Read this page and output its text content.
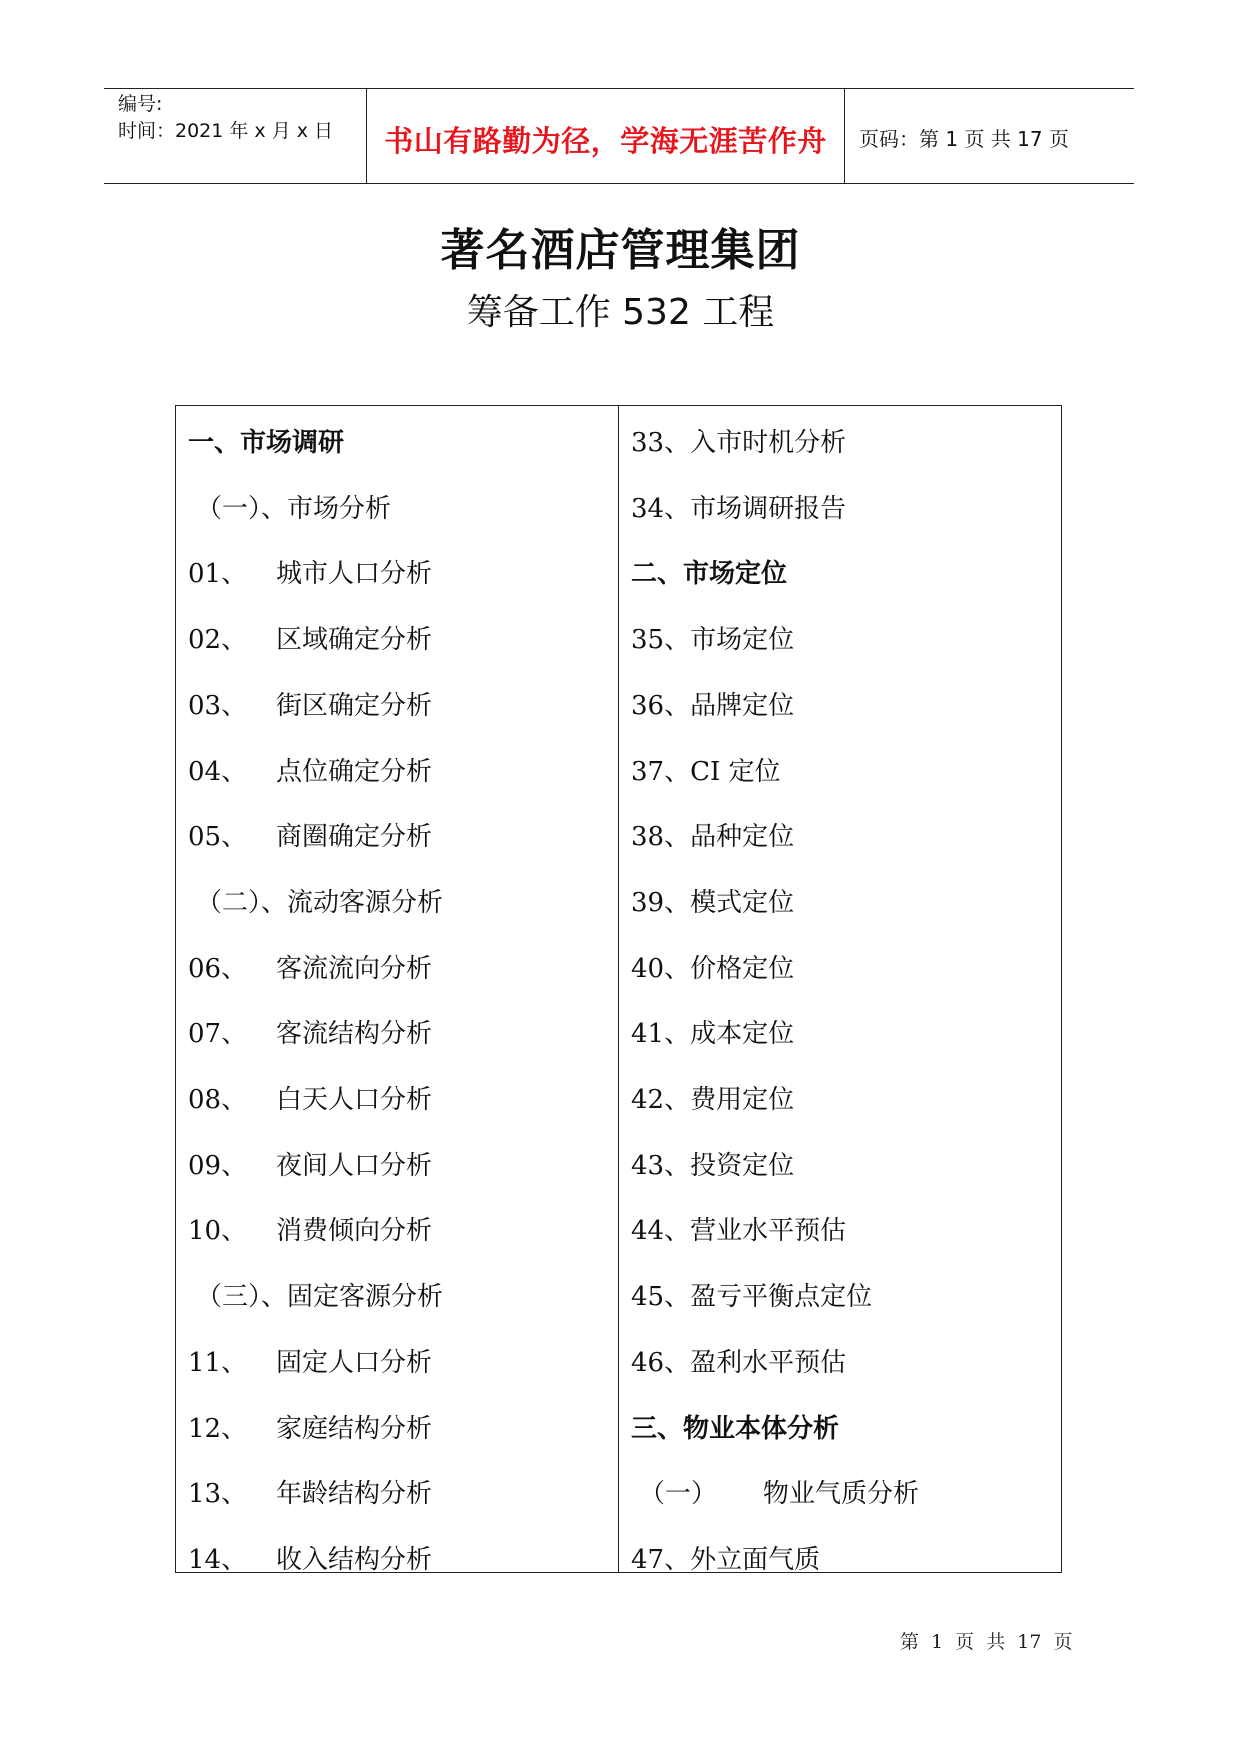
编号:
时间：2021 年 x 月 x 日	书山有路勤为径，学海无涯苦作舟	页码：第 1 页 共 17 页
著名酒店管理集团
筹备工作 532 工程
一、市场调研
（一）、市场分析
01、 城市人口分析
02、 区域确定分析
03、 街区确定分析
04、 点位确定分析
05、 商圈确定分析
（二）、流动客源分析
06、 客流流向分析
07、 客流结构分析
08、 白天人口分析
09、 夜间人口分析
10、 消费倾向分析
（三）、固定客源分析
11、 固定人口分析
12、 家庭结构分析
13、 年龄结构分析
14、 收入结构分析
33、入市时机分析
34、市场调研报告
二、市场定位
35、市场定位
36、品牌定位
37、CI 定位
38、品种定位
39、模式定位
40、价格定位
41、成本定位
42、费用定位
43、投资定位
44、营业水平预估
45、盈亏平衡点定位
46、盈利水平预估
三、物业本体分析
（一） 物业气质分析
47、外立面气质
第 1 页 共 17 页
